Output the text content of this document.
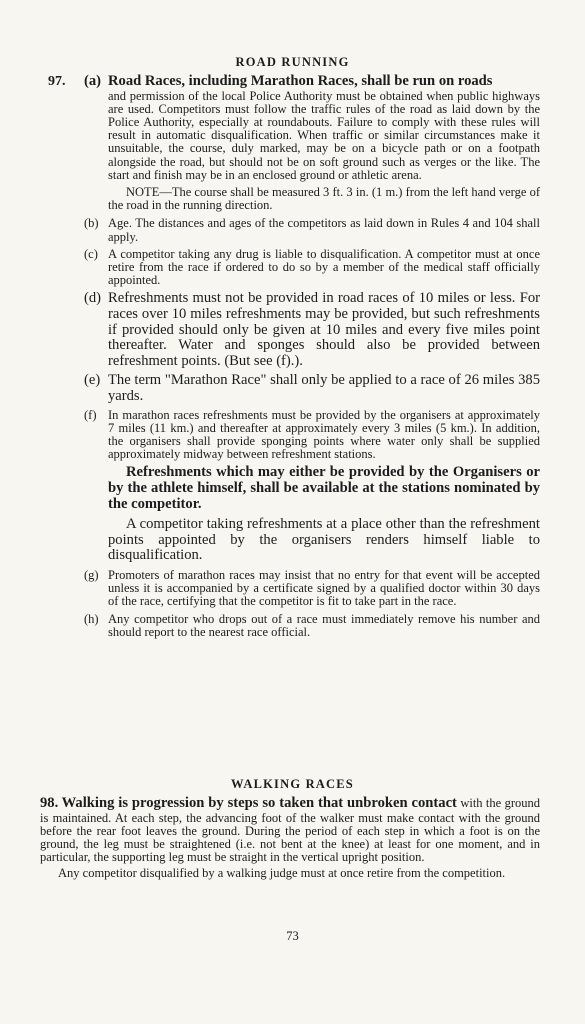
ROAD RUNNING
97. (a) Road Races, including Marathon Races, shall be run on roads
and permission of the local Police Authority must be obtained when public highways are used. Competitors must follow the traffic rules of the road as laid down by the Police Authority, especially at roundabouts. Failure to comply with these rules will result in automatic disqualification. When traffic or similar circumstances make it unsuitable, the course, duly marked, may be on a bicycle path or on a footpath alongside the road, but should not be on soft ground such as verges or the like. The start and finish may be in an enclosed ground or athletic arena.
NOTE—The course shall be measured 3 ft. 3 in. (1 m.) from the left hand verge of the road in the running direction.
(b) Age. The distances and ages of the competitors as laid down in Rules 4 and 104 shall apply.
(c) A competitor taking any drug is liable to disqualification. A competitor must at once retire from the race if ordered to do so by a member of the medical staff officially appointed.
(d) Refreshments must not be provided in road races of 10 miles or less. For races over 10 miles refreshments may be provided, but such refreshments if provided should only be given at 10 miles and every five miles point thereafter. Water and sponges should also be provided between refreshment points. (But see (f).).
(e) The term "Marathon Race" shall only be applied to a race of 26 miles 385 yards.
(f) In marathon races refreshments must be provided by the organisers at approximately 7 miles (11 km.) and thereafter at approximately every 3 miles (5 km.). In addition, the organisers shall provide sponging points where water only shall be supplied approximately midway between refreshment stations.
Refreshments which may either be provided by the Organisers or by the athlete himself, shall be available at the stations nominated by the competitor.
A competitor taking refreshments at a place other than the refreshment points appointed by the organisers renders himself liable to disqualification.
(g) Promoters of marathon races may insist that no entry for that event will be accepted unless it is accompanied by a certificate signed by a qualified doctor within 30 days of the race, certifying that the competitor is fit to take part in the race.
(h) Any competitor who drops out of a race must immediately remove his number and should report to the nearest race official.
WALKING RACES
98. Walking is progression by steps so taken that unbroken contact with the ground is maintained. At each step, the advancing foot of the walker must make contact with the ground before the rear foot leaves the ground. During the period of each step in which a foot is on the ground, the leg must be straightened (i.e. not bent at the knee) at least for one moment, and in particular, the supporting leg must be straight in the vertical upright position.
Any competitor disqualified by a walking judge must at once retire from the competition.
73
